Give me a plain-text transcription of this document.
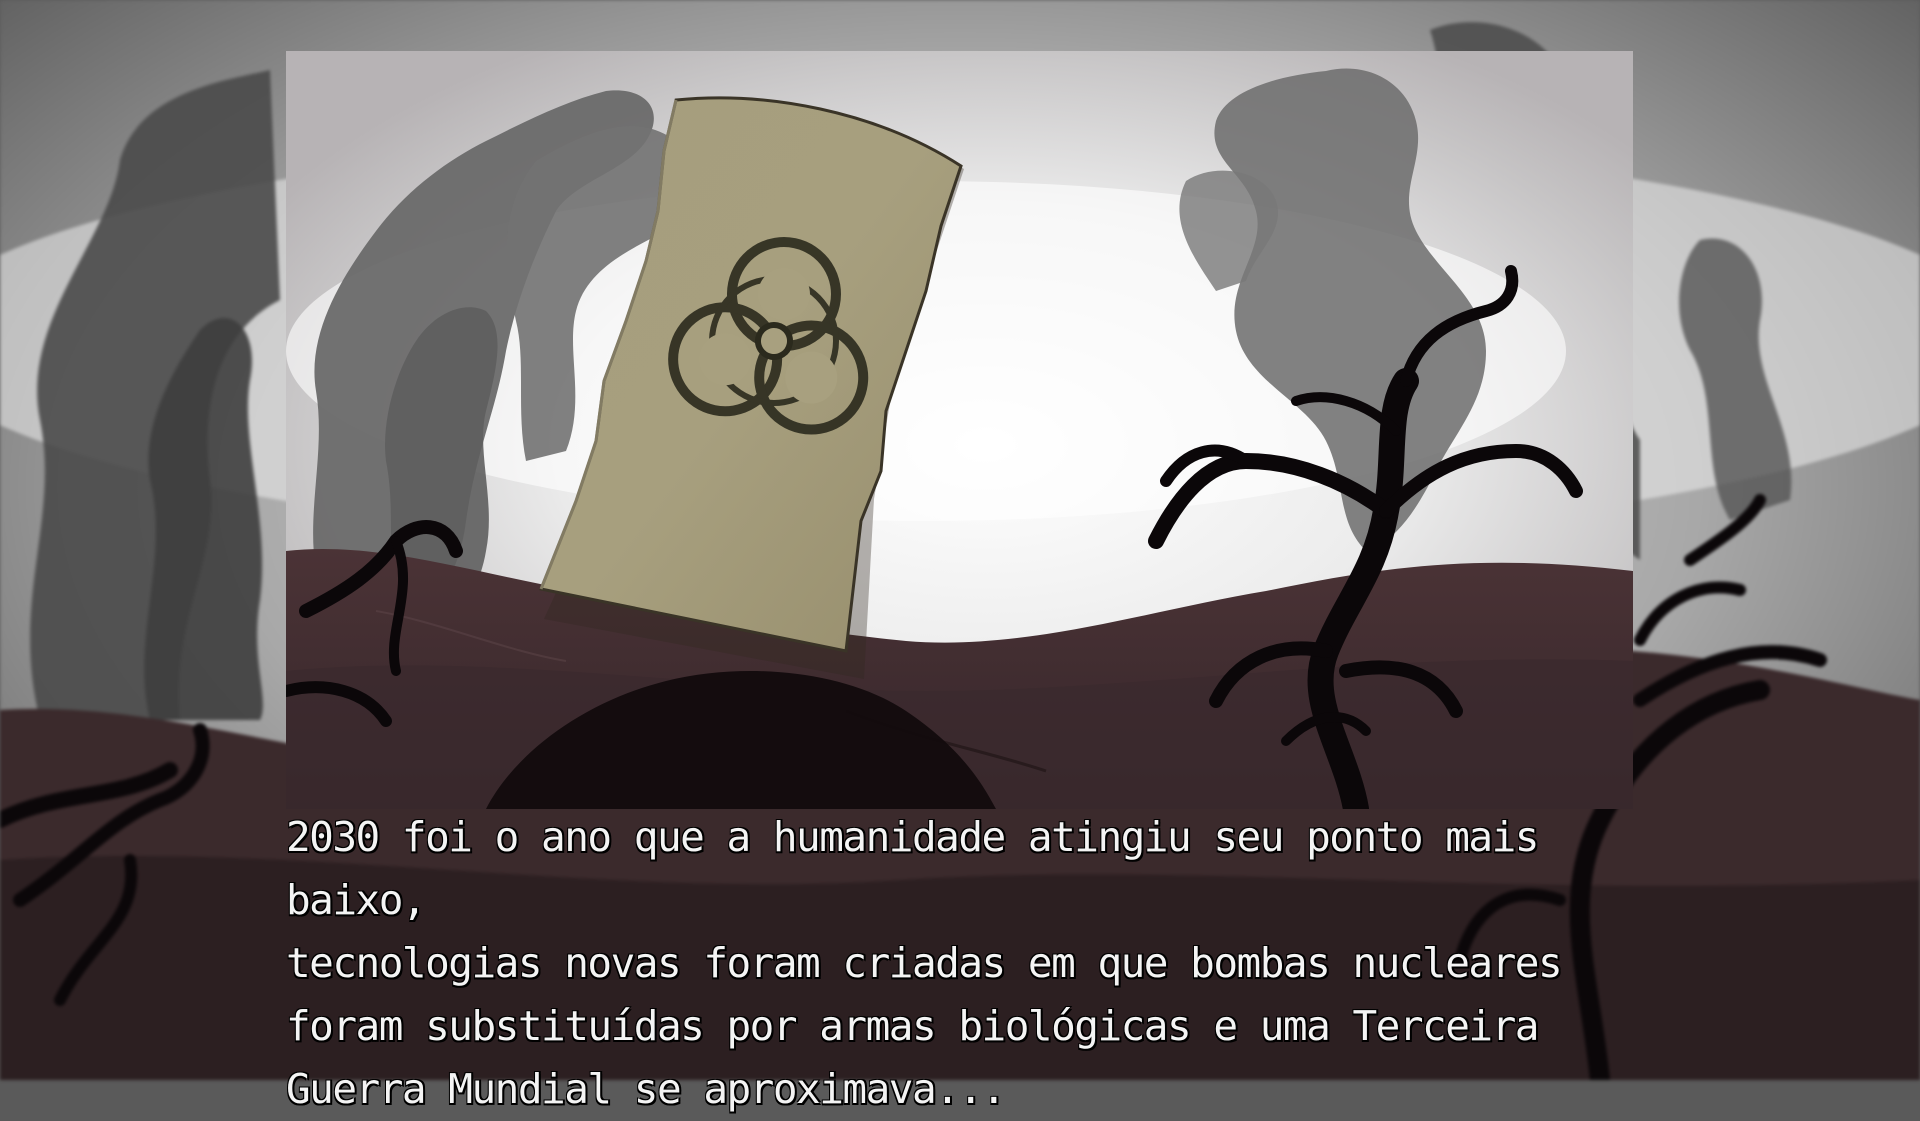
2030 foi o ano que a humanidade atingiu seu ponto mais baixo,
tecnologias novas foram criadas em que bombas nucleares
foram substituídas por armas biológicas e uma Terceira
Guerra Mundial se aproximava...
